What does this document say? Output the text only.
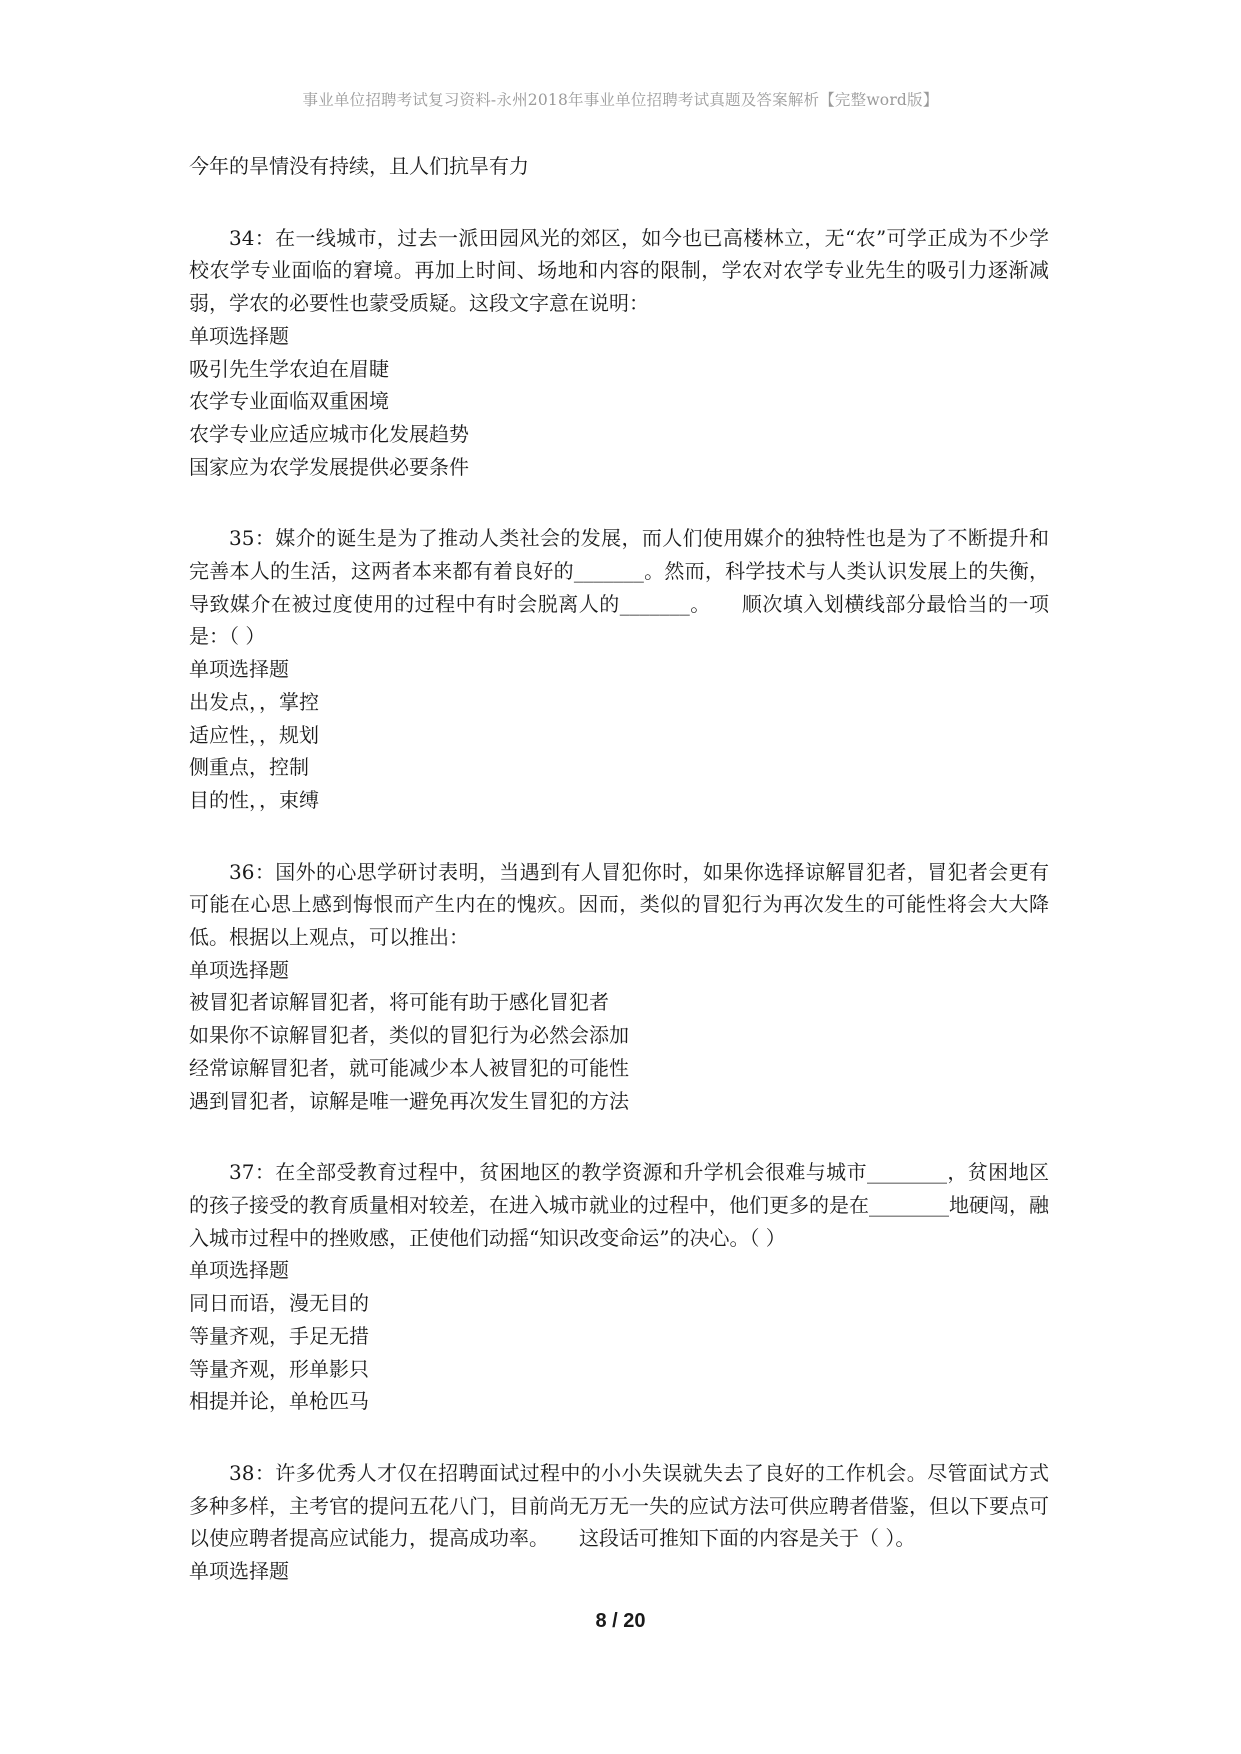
事业单位招聘考试复习资料-永州2018年事业单位招聘考试真题及答案解析【完整word版】
今年的旱情没有持续，且人们抗旱有力

34：在一线城市，过去一派田园风光的郊区，如今也已高楼林立，无“农”可学正成为不少学校农学专业面临的窘境。再加上时间、场地和内容的限制，学农对农学专业先生的吸引力逐渐减弱，学农的必要性也蒙受质疑。这段文字意在说明：

单项选择题
吸引先生学农迫在眉睫
农学专业面临双重困境
农学专业应适应城市化发展趋势
国家应为农学发展提供必要条件

35：媒介的诞生是为了推动人类社会的发展，而人们使用媒介的独特性也是为了不断提升和完善本人的生活，这两者本来都有着良好的_______。然而，科学技术与人类认识发展上的失衡，导致媒介在被过度使用的过程中有时会脱离人的_______。　　顺次填入划横线部分最恰当的一项是：（ ）

单项选择题
出发点，，掌控
适应性，，规划
侧重点，控制
目的性，，束缚

36：国外的心思学研讨表明，当遇到有人冒犯你时，如果你选择谅解冒犯者，冒犯者会更有可能在心思上感到悔恨而产生内在的愧疚。因而，类似的冒犯行为再次发生的可能性将会大大降低。根据以上观点，可以推出：

单项选择题
被冒犯者谅解冒犯者，将可能有助于感化冒犯者
如果你不谅解冒犯者，类似的冒犯行为必然会添加
经常谅解冒犯者，就可能减少本人被冒犯的可能性
遇到冒犯者，谅解是唯一避免再次发生冒犯的方法

37：在全部受教育过程中，贫困地区的教学资源和升学机会很难与城市________，贫困地区的孩子接受的教育质量相对较差，在进入城市就业的过程中，他们更多的是在________地硬闯，融入城市过程中的挫败感，正使他们动摇“知识改变命运”的决心。（ ）

单项选择题
同日而语，漫无目的
等量齐观，手足无措
等量齐观，形单影只
相提并论，单枪匹马

38：许多优秀人才仅在招聘面试过程中的小小失误就失去了良好的工作机会。尽管面试方式多种多样，主考官的提问五花八门，目前尚无万无一失的应试方法可供应聘者借鉴，但以下要点可以使应聘者提高应试能力，提高成功率。　　这段话可推知下面的内容是关于（ ）。

单项选择题
8 / 20
